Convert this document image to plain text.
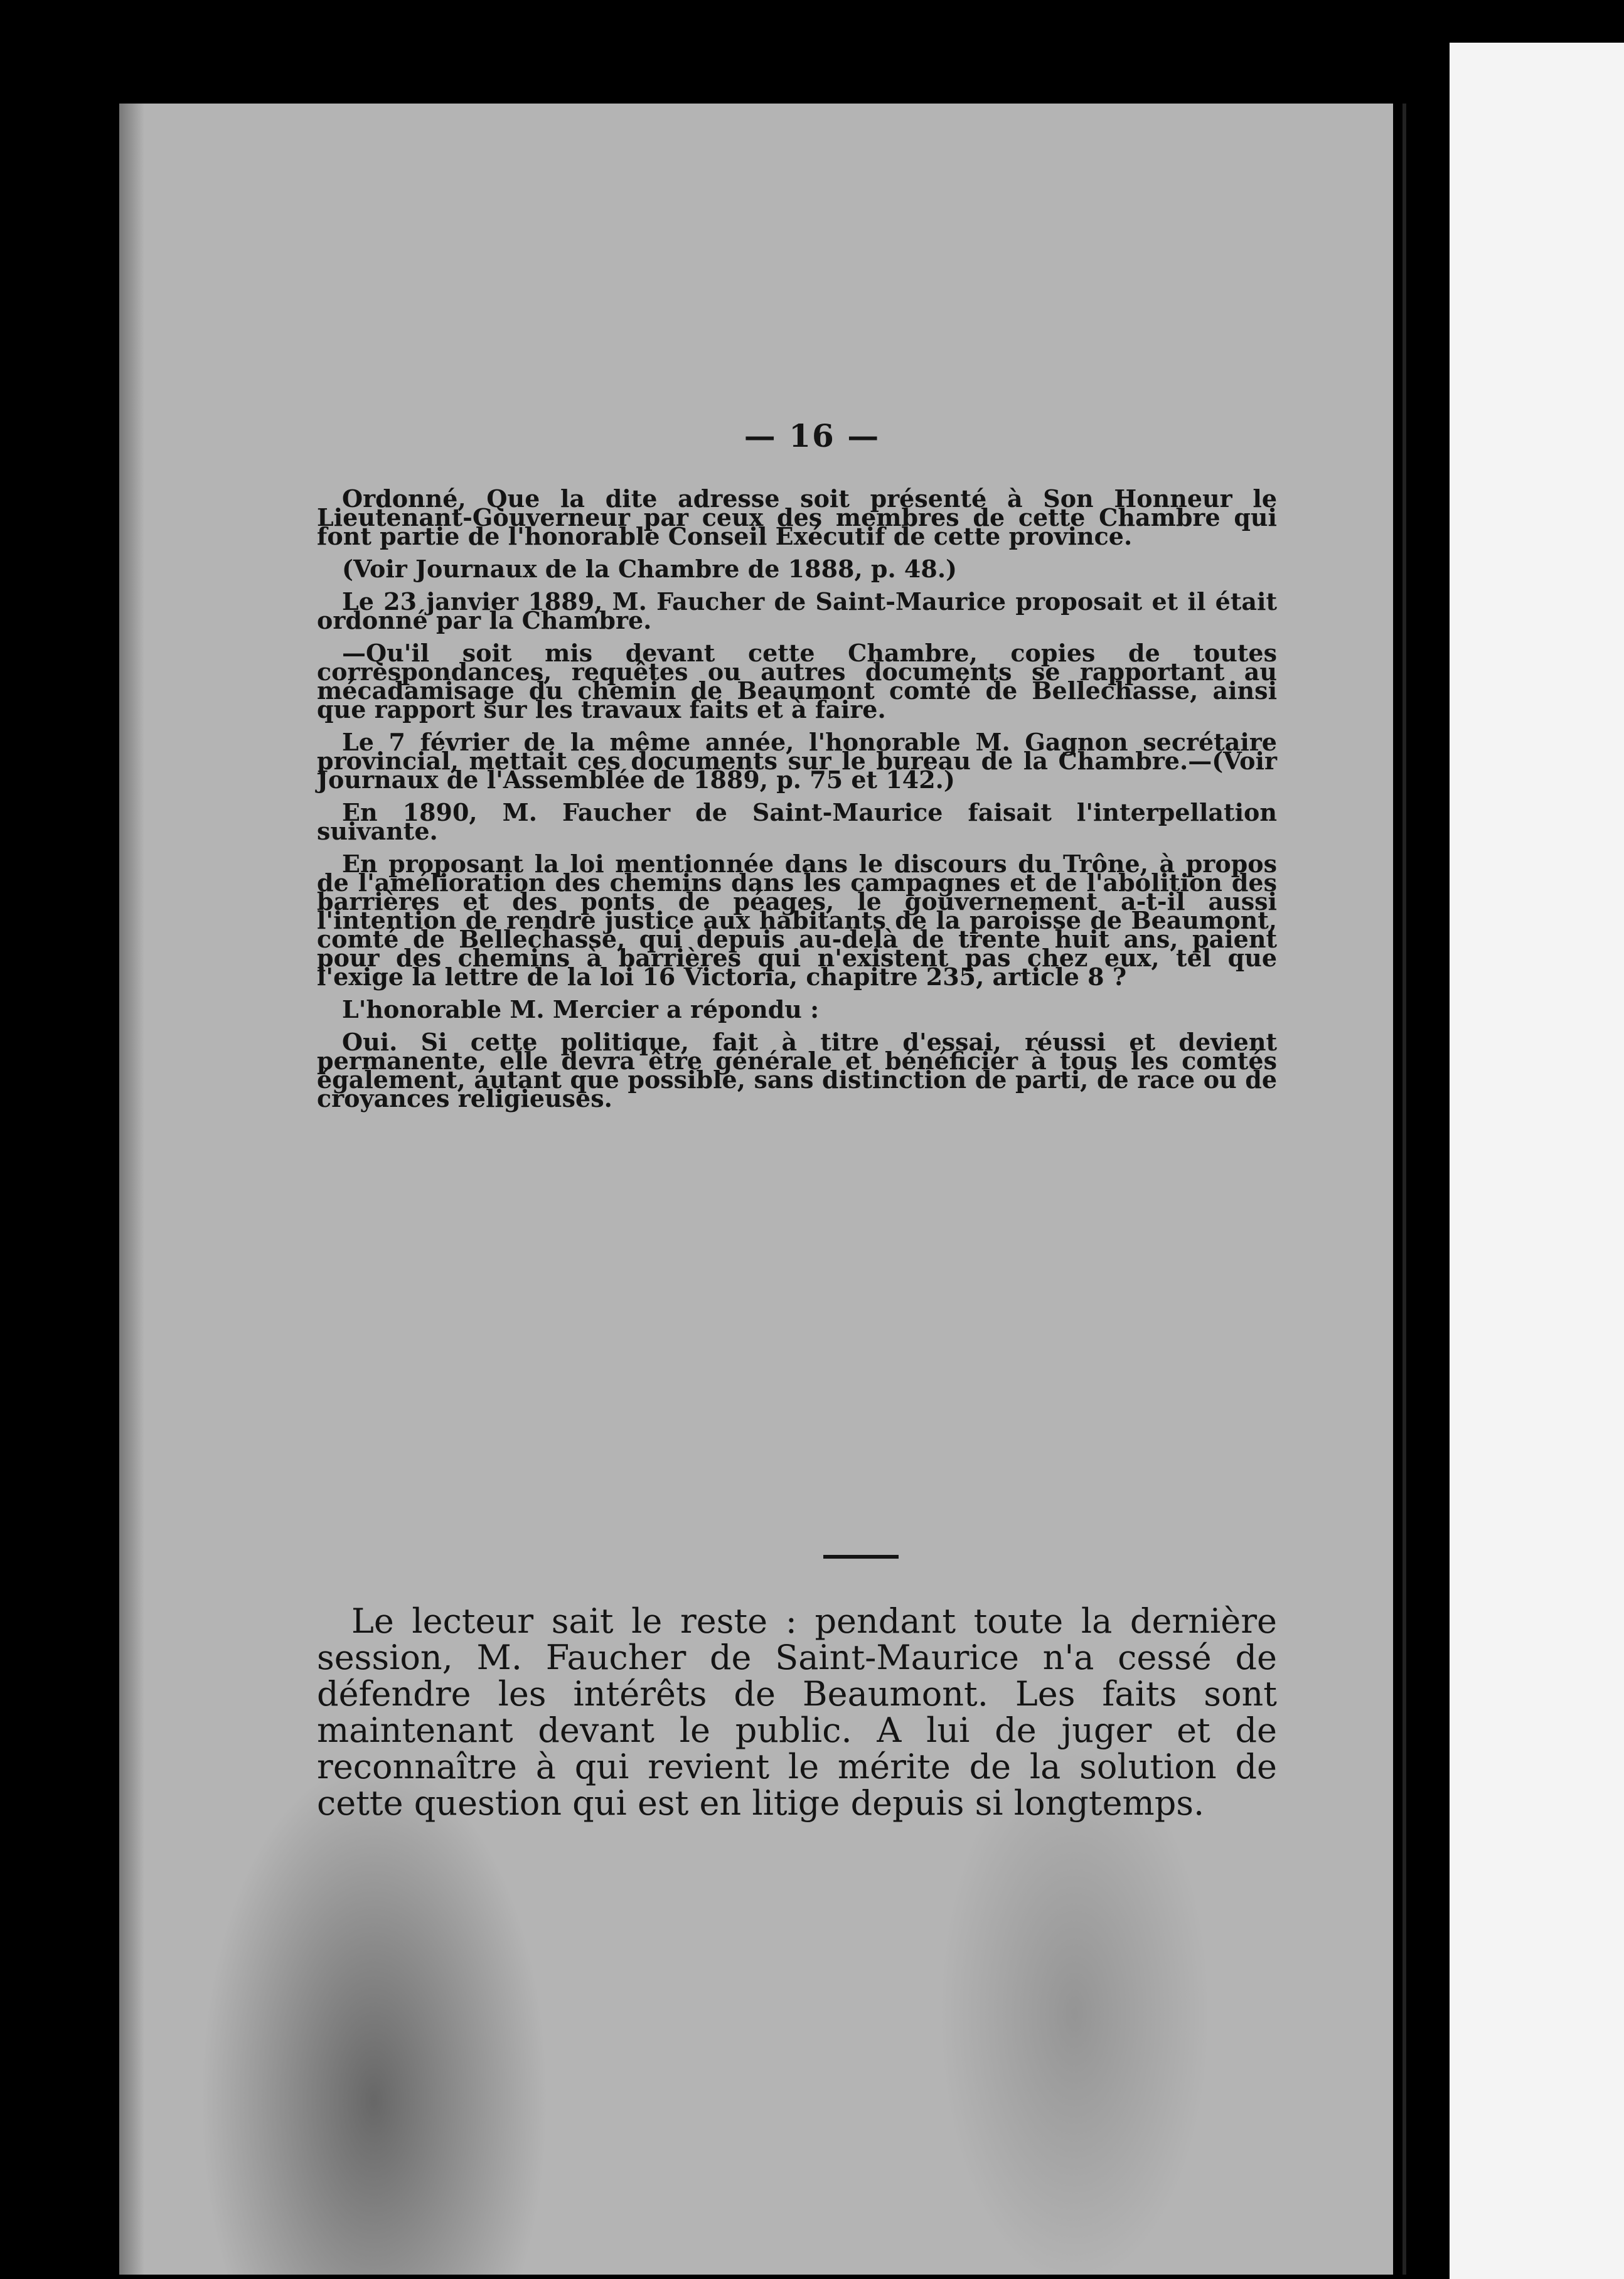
— 16 —

Ordonné, Que la dite adresse soit présenté à Son Honneur le Lieutenant-Gouverneur par ceux des membres de cette Chambre qui font partie de l'honorable Conseil Exécutif de cette province.

(Voir Journaux de la Chambre de 1888, p. 48.)

Le 23 janvier 1889, M. Faucher de Saint-Maurice proposait et il était ordonné par la Chambre.

—Qu'il soit mis devant cette Chambre, copies de toutes correspondances, requêtes ou autres documents se rapportant au mécadamisage du chemin de Beaumont comté de Bellechasse, ainsi que rapport sur les travaux faits et à faire.

Le 7 février de la même année, l'honorable M. Gagnon secrétaire provincial, mettait ces documents sur le bureau de la Chambre.—(Voir Journaux de l'Assemblée de 1889, p. 75 et 142.)

En 1890, M. Faucher de Saint-Maurice faisait l'interpellation suivante.

En proposant la loi mentionnée dans le discours du Trône, à propos de l'amélioration des chemins dans les campagnes et de l'abolition des barrières et des ponts de péages, le gouvernement a-t-il aussi l'intention de rendre justice aux habitants de la paroisse de Beaumont, comté de Bellechasse, qui depuis au-delà de trente huit ans, paient pour des chemins à barrières qui n'existent pas chez eux, tel que l'exige la lettre de la loi 16 Victoria, chapitre 235, article 8 ?

L'honorable M. Mercier a répondu :

Oui. Si cette politique, fait à titre d'essai, réussi et devient permanente, elle devra être générale et bénéficier à tous les comtés également, autant que possible, sans distinction de parti, de race ou de croyances religieuses.

Le lecteur sait le reste : pendant toute la dernière session, M. Faucher de Saint-Maurice n'a cessé de défendre les intérêts de Beaumont. Les faits sont maintenant devant le public. A lui de juger et de reconnaître à qui revient le mérite de la solution de cette question qui est en litige depuis si longtemps.
